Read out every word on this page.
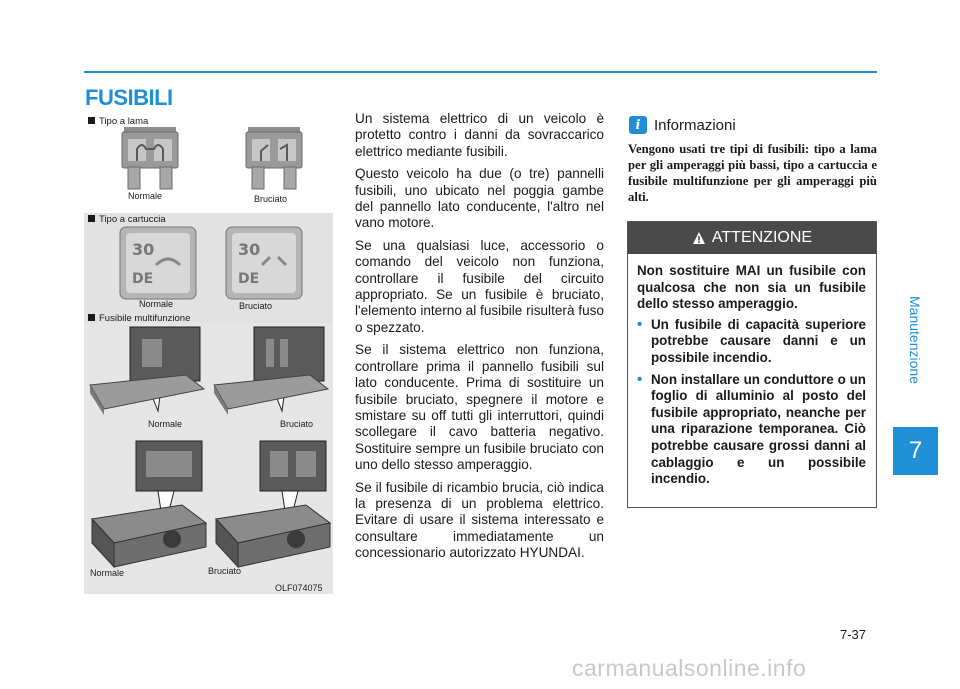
FUSIBILI
Tipo a lama
Normale	Bruciato
Tipo a cartuccia
30
DE
Normale
30
DE
Bruciato
Fusibile multifunzione
Normale	Bruciato
Normale	Bruciato
OLF074075

Un sistema elettrico di un veicolo è protetto contro i danni da sovraccarico elettrico mediante fusibili.

Questo veicolo ha due (o tre) pannelli fusibili, uno ubicato nel poggia gambe del pannello lato conducente, l'altro nel vano motore.

Se una qualsiasi luce, accessorio o comando del veicolo non funziona, controllare il fusibile del circuito appropriato. Se un fusibile è bruciato, l'elemento interno al fusibile risulterà fuso o spezzato.

Se il sistema elettrico non funziona, controllare prima il pannello fusibili sul lato conducente. Prima di sostituire un fusibile bruciato, spegnere il motore e smistare su off tutti gli interruttori, quindi scollegare il cavo batteria negativo. Sostituire sempre un fusibile bruciato con uno dello stesso amperaggio.

Se il fusibile di ricambio brucia, ciò indica la presenza di un problema elettrico. Evitare di usare il sistema interessato e consultare immediatamente un concessionario autorizzato HYUNDAI.

i Informazioni
Vengono usati tre tipi di fusibili: tipo a lama per gli amperaggi più bassi, tipo a cartuccia e fusibile multifunzione per gli amperaggi più alti.
ATTENZIONE

Non sostituire MAI un fusibile con qualcosa che non sia un fusibile dello stesso amperaggio.

• Un fusibile di capacità superiore potrebbe causare danni e un possibile incendio.
• Non installare un conduttore o un foglio di alluminio al posto del fusibile appropriato, neanche per una riparazione temporanea. Ciò potrebbe causare grossi danni al cablaggio e un possibile incendio.
Manutenzione
7
7-37
carmanualsonline.info
